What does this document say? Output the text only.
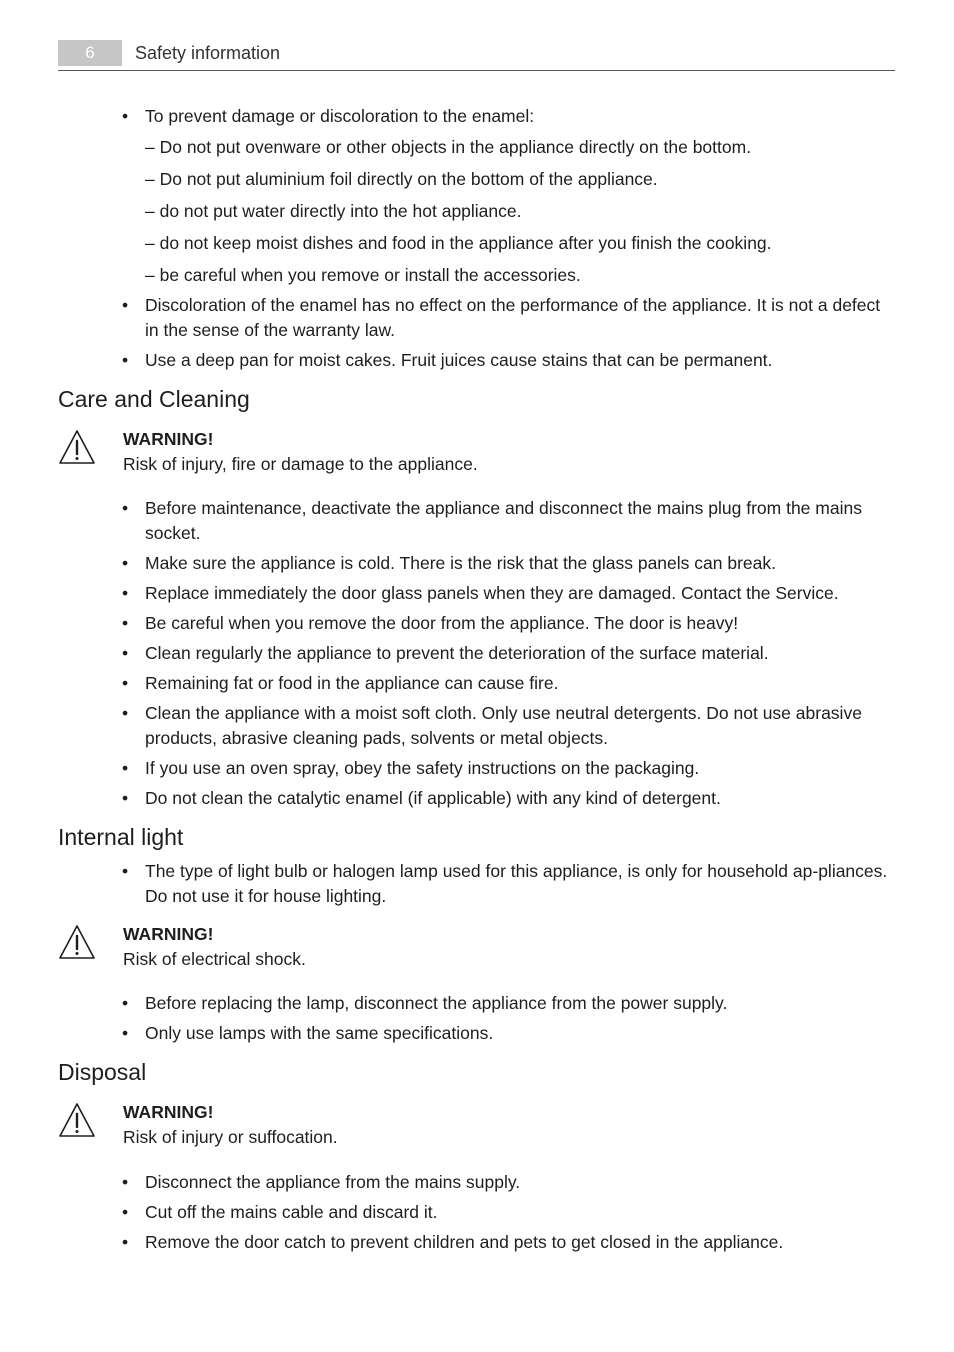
6	Safety information
• To prevent damage or discoloration to the enamel:
– Do not put ovenware or other objects in the appliance directly on the bottom.
– Do not put aluminium foil directly on the bottom of the appliance.
– do not put water directly into the hot appliance.
– do not keep moist dishes and food in the appliance after you finish the cooking.
– be careful when you remove or install the accessories.
• Discoloration of the enamel has no effect on the performance of the appliance. It is not a defect in the sense of the warranty law.
• Use a deep pan for moist cakes. Fruit juices cause stains that can be permanent.
Care and Cleaning
WARNING!
Risk of injury, fire or damage to the appliance.
• Before maintenance, deactivate the appliance and disconnect the mains plug from the mains socket.
• Make sure the appliance is cold. There is the risk that the glass panels can break.
• Replace immediately the door glass panels when they are damaged. Contact the Service.
• Be careful when you remove the door from the appliance. The door is heavy!
• Clean regularly the appliance to prevent the deterioration of the surface material.
• Remaining fat or food in the appliance can cause fire.
• Clean the appliance with a moist soft cloth. Only use neutral detergents. Do not use abrasive products, abrasive cleaning pads, solvents or metal objects.
• If you use an oven spray, obey the safety instructions on the packaging.
• Do not clean the catalytic enamel (if applicable) with any kind of detergent.
Internal light
• The type of light bulb or halogen lamp used for this appliance, is only for household ap-pliances. Do not use it for house lighting.
WARNING!
Risk of electrical shock.
• Before replacing the lamp, disconnect the appliance from the power supply.
• Only use lamps with the same specifications.
Disposal
WARNING!
Risk of injury or suffocation.
• Disconnect the appliance from the mains supply.
• Cut off the mains cable and discard it.
• Remove the door catch to prevent children and pets to get closed in the appliance.
